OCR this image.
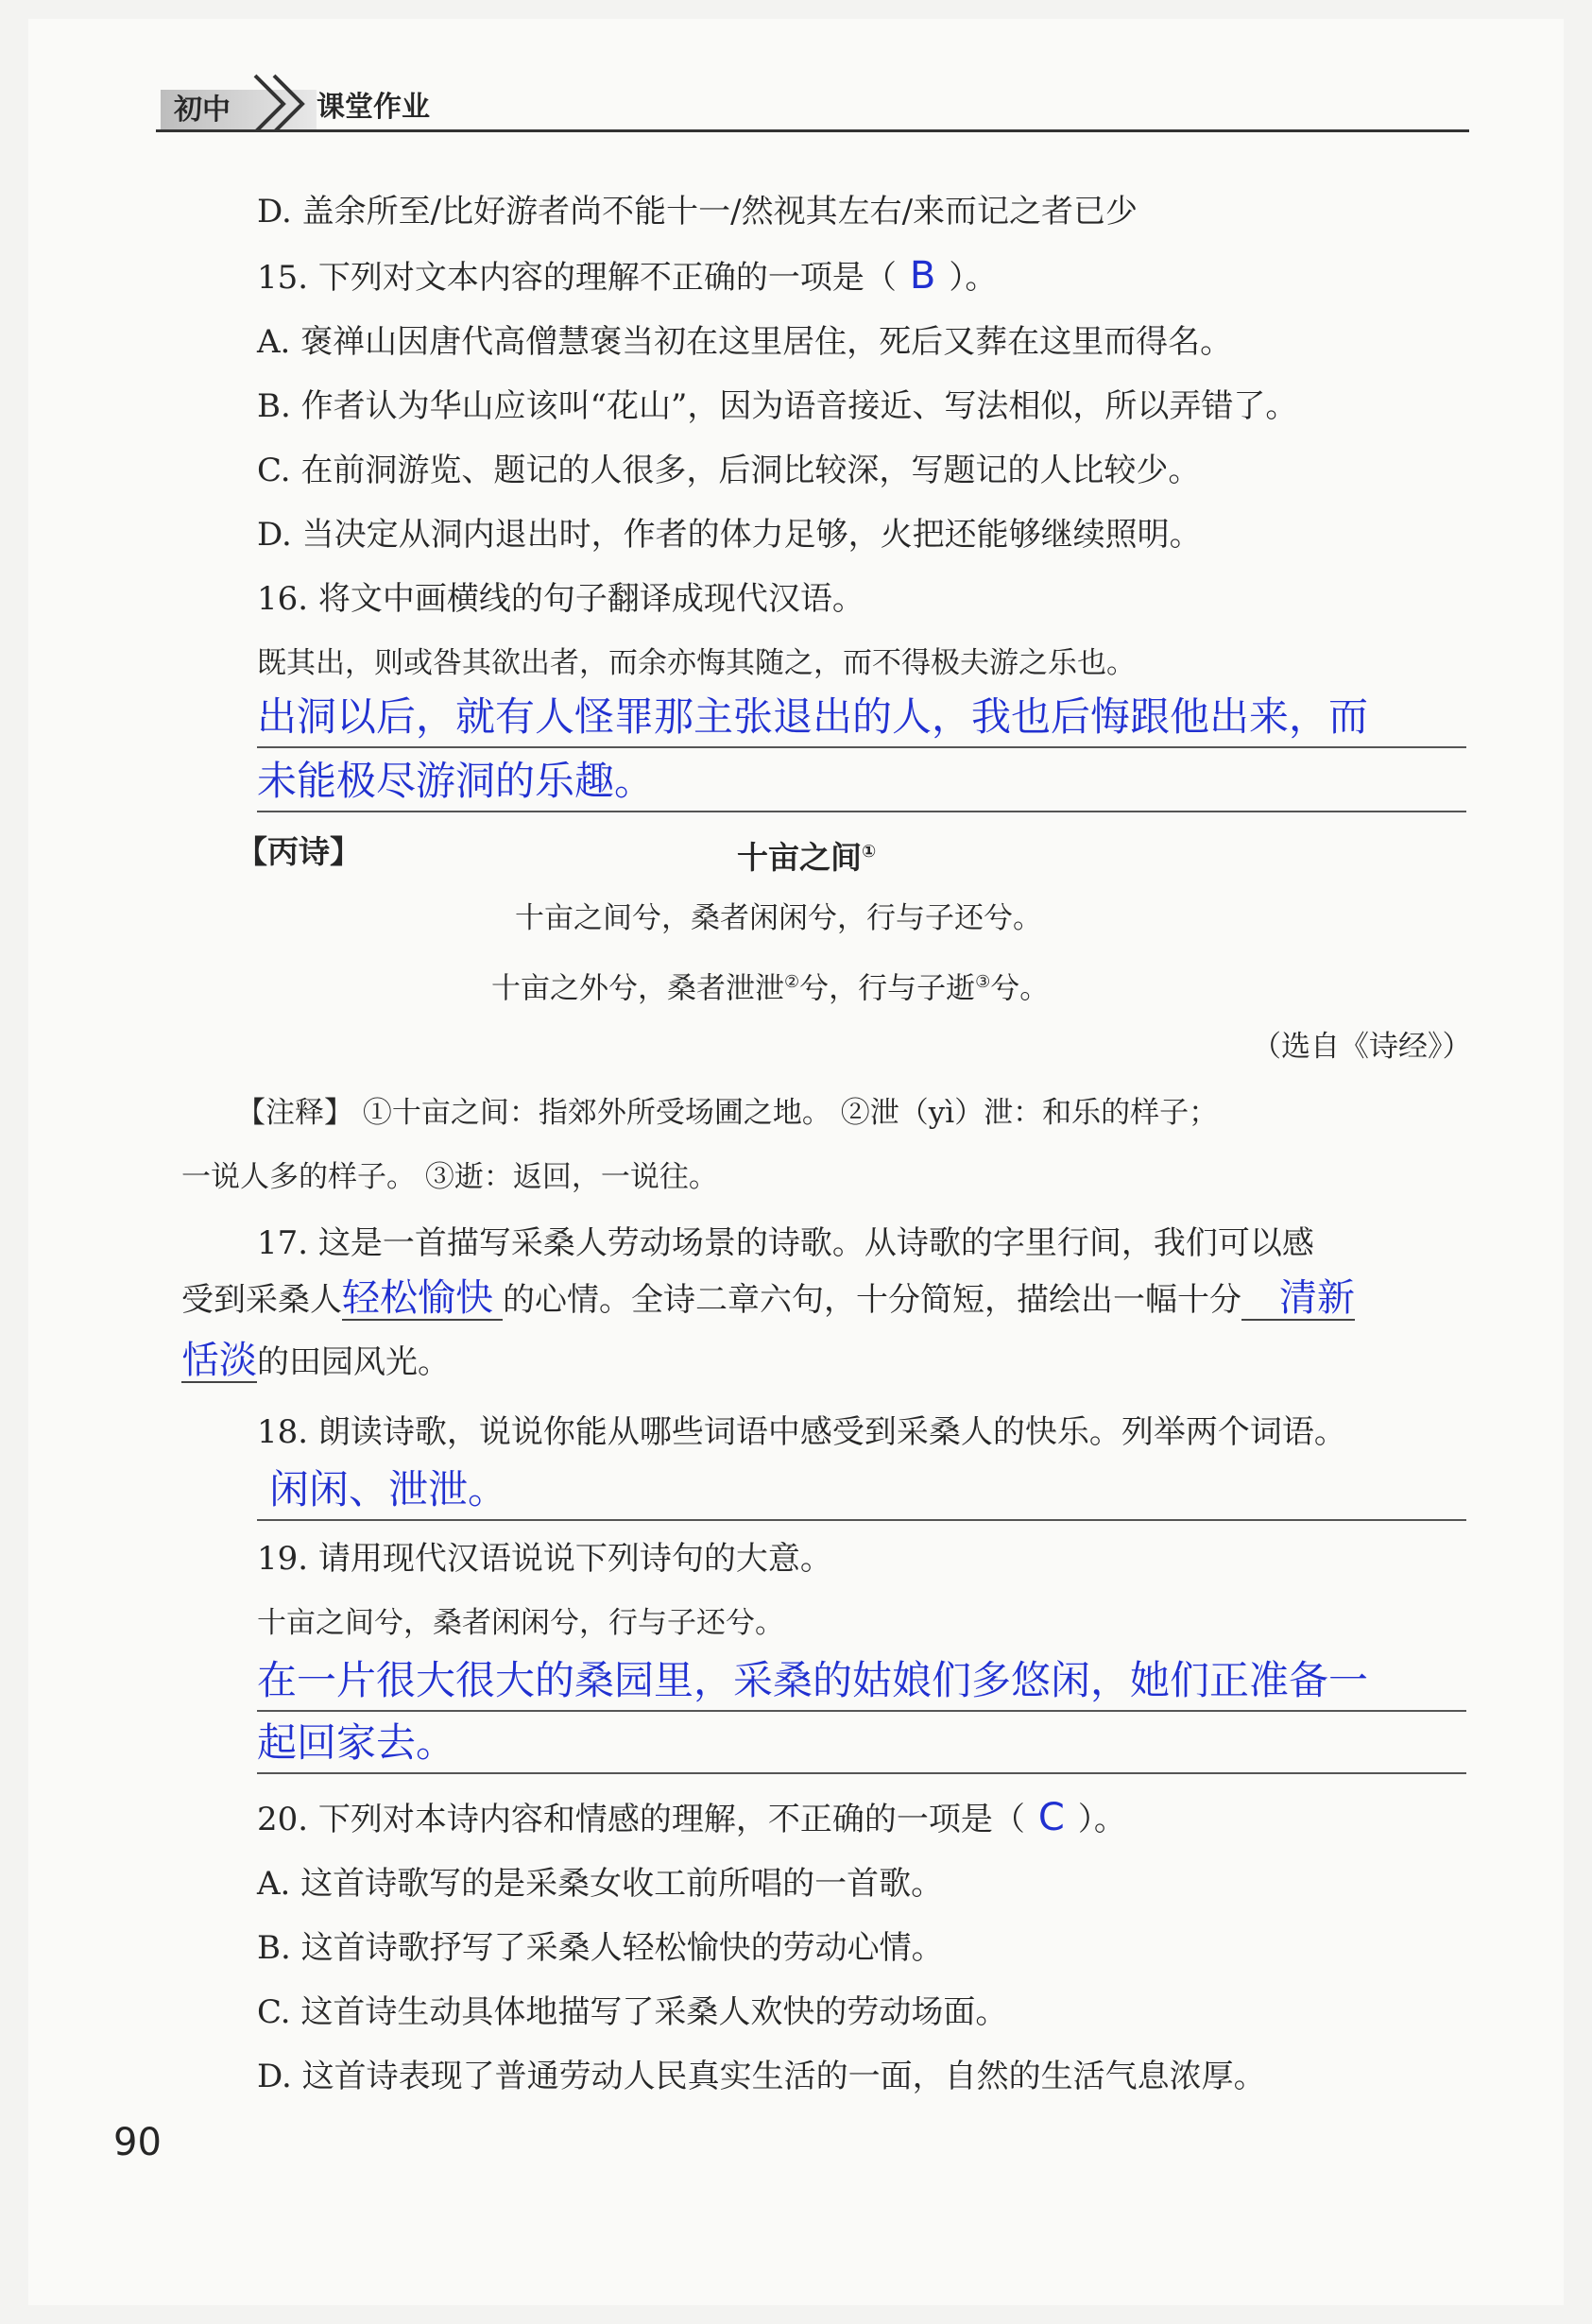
初中	课堂作业
D. 盖余所至/比好游者尚不能十一/然视其左右/来而记之者已少
15. 下列对文本内容的理解不正确的一项是（ B ）。
A. 褒禅山因唐代高僧慧褒当初在这里居住，死后又葬在这里而得名。
B. 作者认为华山应该叫“花山”，因为语音接近、写法相似，所以弄错了。
C. 在前洞游览、题记的人很多，后洞比较深，写题记的人比较少。
D. 当决定从洞内退出时，作者的体力足够，火把还能够继续照明。
16. 将文中画横线的句子翻译成现代汉语。
既其出，则或咎其欲出者，而余亦悔其随之，而不得极夫游之乐也。
出洞以后，就有人怪罪那主张退出的人，我也后悔跟他出来，而
未能极尽游洞的乐趣。
【丙诗】	十亩之间①
十亩之间兮，桑者闲闲兮，行与子还兮。
十亩之外兮，桑者泄泄②兮，行与子逝③兮。
（选自《诗经》）
【注释】 ①十亩之间：指郊外所受场圃之地。 ②泄（yì）泄：和乐的样子；
一说人多的样子。 ③逝：返回，一说往。
17. 这是一首描写采桑人劳动场景的诗歌。从诗歌的字里行间，我们可以感
受到采桑人轻松愉快 的心情。全诗二章六句，十分简短，描绘出一幅十分 清新
恬淡的田园风光。
18. 朗读诗歌，说说你能从哪些词语中感受到采桑人的快乐。列举两个词语。
闲闲、泄泄。
19. 请用现代汉语说说下列诗句的大意。
十亩之间兮，桑者闲闲兮，行与子还兮。
在一片很大很大的桑园里，采桑的姑娘们多悠闲，她们正准备一
起回家去。
20. 下列对本诗内容和情感的理解，不正确的一项是（ C ）。
A. 这首诗歌写的是采桑女收工前所唱的一首歌。
B. 这首诗歌抒写了采桑人轻松愉快的劳动心情。
C. 这首诗生动具体地描写了采桑人欢快的劳动场面。
D. 这首诗表现了普通劳动人民真实生活的一面，自然的生活气息浓厚。
90
